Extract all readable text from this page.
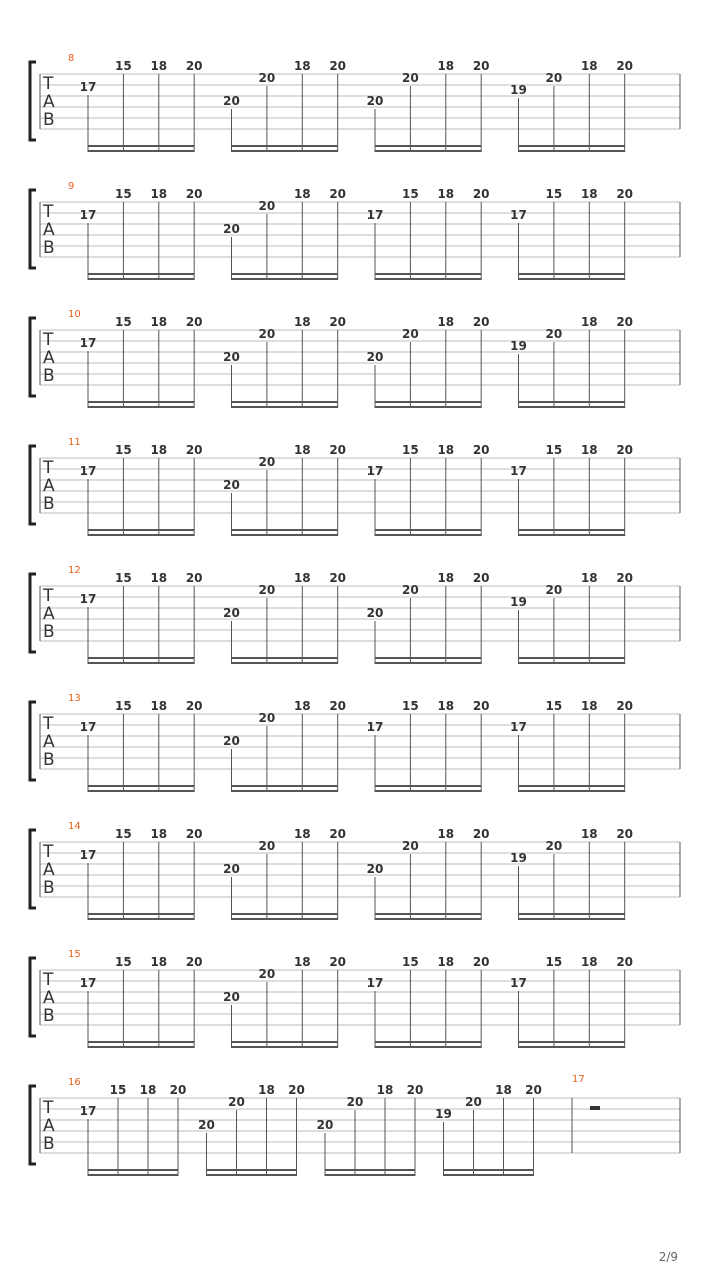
T
A
B
8
17
15 18 20
20
20
18 20
20
20
18 20
19
20
18 20
T
A
B
9
17
15 18 20
20
20
18 20
17
15 18 20
17
15 18 20
T
A
B
10
17
15 18 20
20
20
18 20
20
20
18 20
19
20
18 20
T
A
B
11
17
15 18 20
20
20
18 20
17
15 18 20
17
15 18 20
T
A
B
12
17
15 18 20
20
20
18 20
20
20
18 20
19
20
18 20
T
A
B
13
17
15 18 20
20
20
18 20
17
15 18 20
17
15 18 20
T
A
B
14
17
15 18 20
20
20
18 20
20
20
18 20
19
20
18 20
T
A
B
15
17
15 18 20
20
20
18 20
17
15 18 20
17
15 18 20
T
A
B
16
17
15 18 20
20
20
18 20
20
20
18 20
19
20
18 20
17
2/9
